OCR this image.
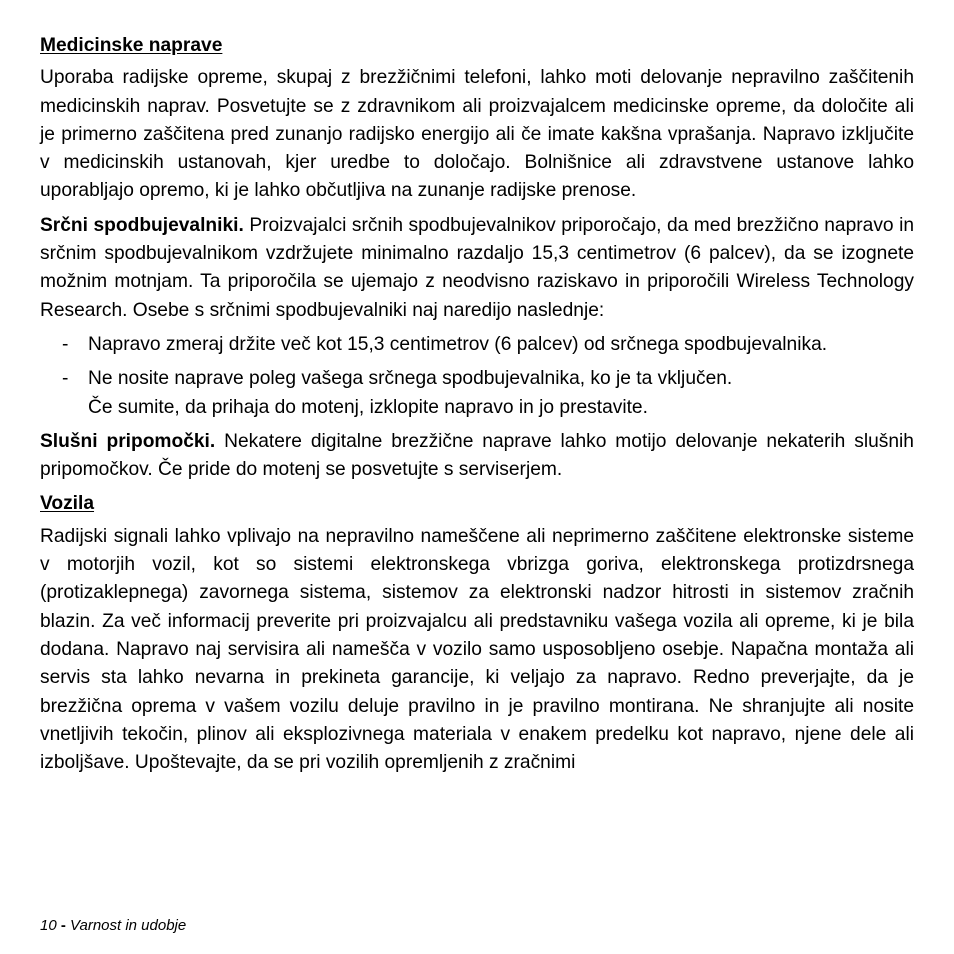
Medicinske naprave

Uporaba radijske opreme, skupaj z brezžičnimi telefoni, lahko moti delovanje nepravilno zaščitenih medicinskih naprav. Posvetujte se z zdravnikom ali proizvajalcem medicinske opreme, da določite ali je primerno zaščitena pred zunanjo radijsko energijo ali če imate kakšna vprašanja. Napravo izključite v medicinskih ustanovah, kjer uredbe to določajo. Bolnišnice ali zdravstvene ustanove lahko uporabljajo opremo, ki je lahko občutljiva na zunanje radijske prenose.

Srčni spodbujevalniki. Proizvajalci srčnih spodbujevalnikov priporočajo, da med brezžično napravo in srčnim spodbujevalnikom vzdržujete minimalno razdaljo 15,3 centimetrov (6 palcev), da se izognete možnim motnjam. Ta priporočila se ujemajo z neodvisno raziskavo in priporočili Wireless Technology Research. Osebe s srčnimi spodbujevalniki naj naredijo naslednje:

- Napravo zmeraj držite več kot 15,3 centimetrov (6 palcev) od srčnega spodbujevalnika.
- Ne nosite naprave poleg vašega srčnega spodbujevalnika, ko je ta vključen.
Če sumite, da prihaja do motenj, izklopite napravo in jo prestavite.

Slušni pripomočki. Nekatere digitalne brezžične naprave lahko motijo delovanje nekaterih slušnih pripomočkov. Če pride do motenj se posvetujte s serviserjem.

Vozila

Radijski signali lahko vplivajo na nepravilno nameščene ali neprimerno zaščitene elektronske sisteme v motorjih vozil, kot so sistemi elektronskega vbrizga goriva, elektronskega protizdrsnega (protizaklepnega) zavornega sistema, sistemov za elektronski nadzor hitrosti in sistemov zračnih blazin. Za več informacij preverite pri proizvajalcu ali predstavniku vašega vozila ali opreme, ki je bila dodana. Napravo naj servisira ali namešča v vozilo samo usposobljeno osebje. Napačna montaža ali servis sta lahko nevarna in prekineta garancije, ki veljajo za napravo. Redno preverjajte, da je brezžična oprema v vašem vozilu deluje pravilno in je pravilno montirana. Ne shranjujte ali nosite vnetljivih tekočin, plinov ali eksplozivnega materiala v enakem predelku kot napravo, njene dele ali izboljšave. Upoštevajte, da se pri vozilih opremljenih z zračnimi

10 - Varnost in udobje
